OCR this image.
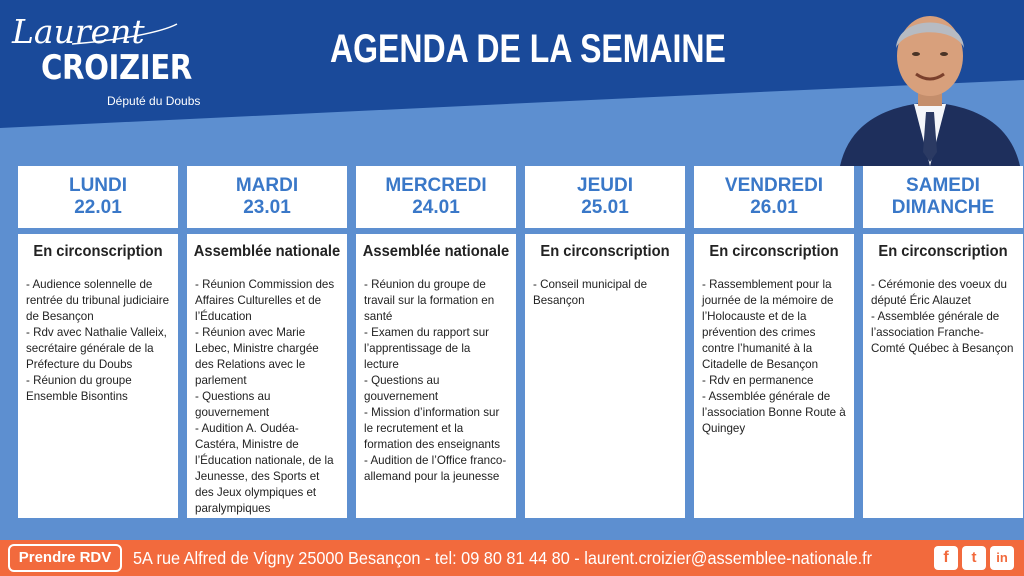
Laurent
CROIZIER
Député du Doubs
AGENDA DE LA SEMAINE
LUNDI
22.01
MARDI
23.01
MERCREDI
24.01
JEUDI
25.01
VENDREDI
26.01
SAMEDI
DIMANCHE
En circonscription
- Audience solennelle de rentrée du tribunal judiciaire de Besançon
- Rdv avec Nathalie Valleix, secrétaire générale de la Préfecture du Doubs
- Réunion du groupe Ensemble Bisontins
Assemblée nationale
- Réunion Commission des Affaires Culturelles et de l’Éducation
- Réunion avec Marie Lebec, Ministre chargée des Relations avec le parlement
- Questions au gouvernement
- Audition A. Oudéa-Castéra, Ministre de l’Éducation nationale, de la Jeunesse, des Sports et des Jeux olympiques et paralympiques
Assemblée nationale
- Réunion du groupe de travail sur la formation en santé
- Examen du rapport sur l’apprentissage de la lecture
- Questions au gouvernement
- Mission d’information sur le recrutement et la formation des enseignants
- Audition de l’Office franco-allemand pour la jeunesse
En circonscription
- Conseil municipal de Besançon
En circonscription
- Rassemblement pour la journée de la mémoire de l’Holocauste et de la prévention des crimes contre l’humanité à la Citadelle de Besançon
- Rdv en permanence
- Assemblée générale de l’association Bonne Route à Quingey
En circonscription
- Cérémonie des voeux du député Éric Alauzet
- Assemblée générale de l’association Franche-Comté Québec à Besançon
Prendre RDV	5A rue Alfred de Vigny 25000 Besançon - tel: 09 80 81 44 80 - laurent.croizier@assemblee-nationale.fr	f	t	in
